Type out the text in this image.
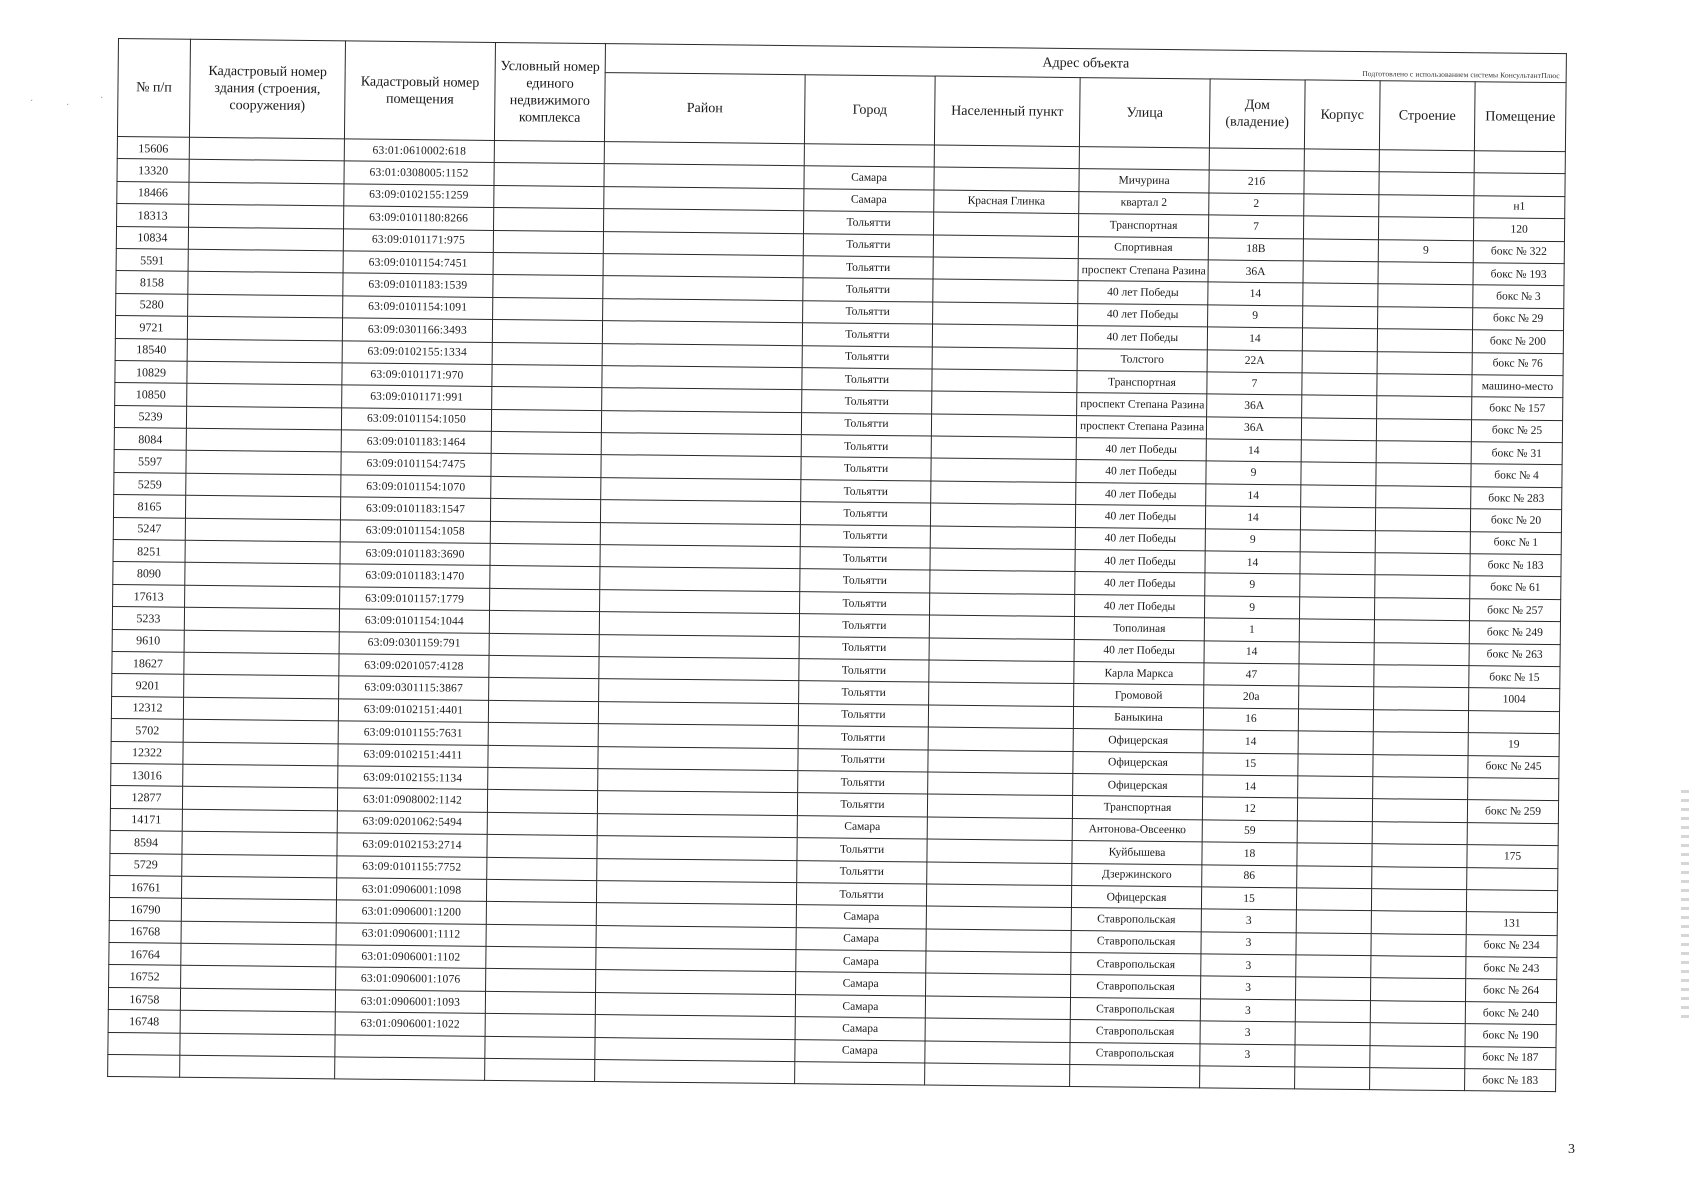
Подготовлено с использованием системы КонсультантПлюс
№ п/п	Кадастровый номер здания (строения, сооружения)	Кадастровый номер помещения	Условный номер единого недвижимого комплекса	Адрес объекта							
				Район	Город	Населенный пункт	Улица	Дом (владение)	Корпус	Строение	Помещение
15606		63:01:0610002:618									
13320		63:01:0308005:1152			Самара		Мичурина	21б			
18466		63:09:0102155:1259			Самара	Красная Глинка	квартал 2	2			н1
18313		63:09:0101180:8266			Тольятти		Транспортная	7			120
10834		63:09:0101171:975			Тольятти		Спортивная	18В		9	бокс № 322
5591		63:09:0101154:7451			Тольятти		проспект Степана Разина	36А			бокс № 193
8158		63:09:0101183:1539			Тольятти		40 лет Победы	14			бокс № 3
5280		63:09:0101154:1091			Тольятти		40 лет Победы	9			бокс № 29
9721		63:09:0301166:3493			Тольятти		40 лет Победы	14			бокс № 200
18540		63:09:0102155:1334			Тольятти		Толстого	22А			бокс № 76
10829		63:09:0101171:970			Тольятти		Транспортная	7			машино-место
10850		63:09:0101171:991			Тольятти		проспект Степана Разина	36А			бокс № 157
5239		63:09:0101154:1050			Тольятти		проспект Степана Разина	36А			бокс № 25
8084		63:09:0101183:1464			Тольятти		40 лет Победы	14			бокс № 31
5597		63:09:0101154:7475			Тольятти		40 лет Победы	9			бокс № 4
5259		63:09:0101154:1070			Тольятти		40 лет Победы	14			бокс № 283
8165		63:09:0101183:1547			Тольятти		40 лет Победы	14			бокс № 20
5247		63:09:0101154:1058			Тольятти		40 лет Победы	9			бокс № 1
8251		63:09:0101183:3690			Тольятти		40 лет Победы	14			бокс № 183
8090		63:09:0101183:1470			Тольятти		40 лет Победы	9			бокс № 61
17613		63:09:0101157:1779			Тольятти		40 лет Победы	9			бокс № 257
5233		63:09:0101154:1044			Тольятти		Тополиная	1			бокс № 249
9610		63:09:0301159:791			Тольятти		40 лет Победы	14			бокс № 263
18627		63:09:0201057:4128			Тольятти		Карла Маркса	47			бокс № 15
9201		63:09:0301115:3867			Тольятти		Громовой	20а			1004
12312		63:09:0102151:4401			Тольятти		Баныкина	16			
5702		63:09:0101155:7631			Тольятти		Офицерская	14			19
12322		63:09:0102151:4411			Тольятти		Офицерская	15			бокс № 245
13016		63:09:0102155:1134			Тольятти		Офицерская	14			
12877		63:01:0908002:1142			Тольятти		Транспортная	12			бокс № 259
14171		63:09:0201062:5494			Самара		Антонова-Овсеенко	59			
8594		63:09:0102153:2714			Тольятти		Куйбышева	18			175
5729		63:09:0101155:7752			Тольятти		Дзержинского	86			
16761		63:01:0906001:1098			Тольятти		Офицерская	15			
16790		63:01:0906001:1200			Самара		Ставропольская	3			131
16768		63:01:0906001:1112			Самара		Ставропольская	3			бокс № 234
16764		63:01:0906001:1102			Самара		Ставропольская	3			бокс № 243
16752		63:01:0906001:1076			Самара		Ставропольская	3			бокс № 264
16758		63:01:0906001:1093			Самара		Ставропольская	3			бокс № 240
16748		63:01:0906001:1022			Самара		Ставропольская	3			бокс № 190
					Самара		Ставропольская	3			бокс № 187
											бокс № 183
·	·
·
3
